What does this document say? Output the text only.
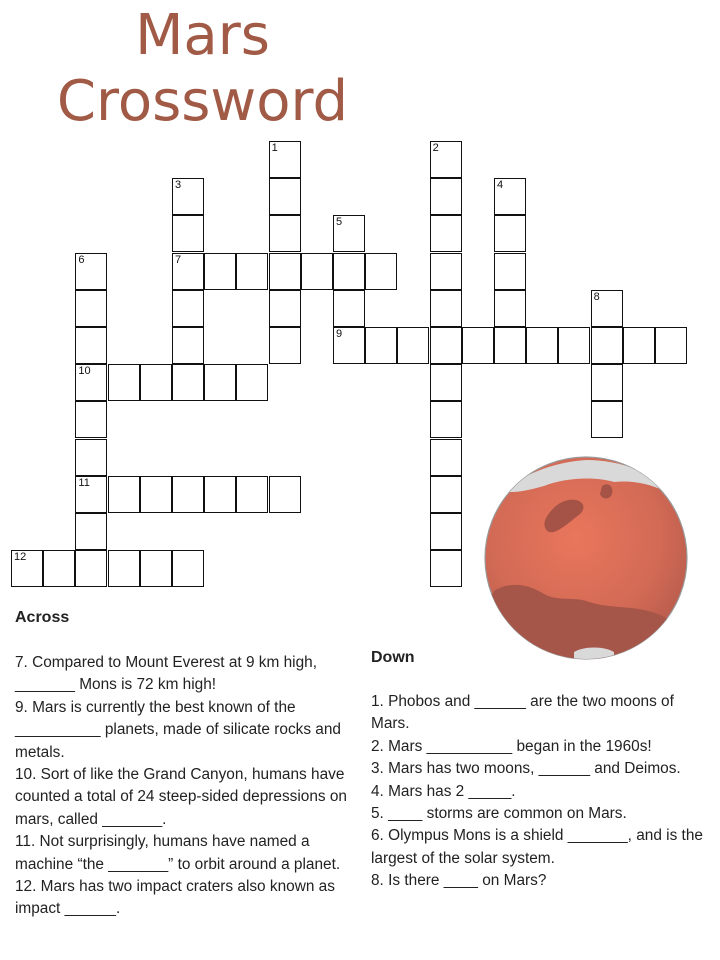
Mars
Crossword
1	2
3
7
4
5
9
6
10
11
8
12
Across

7. Compared to Mount Everest at 9 km high, _______ Mons is 72 km high!

9. Mars is currently the best known of the __________ planets, made of silicate rocks and metals.

10. Sort of like the Grand Canyon, humans have counted a total of 24 steep-sided depressions on mars, called _______.

11. Not surprisingly, humans have named a machine “the _______” to orbit around a planet.

12. Mars has two impact craters also known as impact ______.

Down

1. Phobos and ______ are the two moons of Mars.

2. Mars __________ began in the 1960s!

3. Mars has two moons, ______ and Deimos.

4. Mars has 2 _____.

5. ____ storms are common on Mars.

6. Olympus Mons is a shield _______, and is the largest of the solar system.

8. Is there ____ on Mars?
